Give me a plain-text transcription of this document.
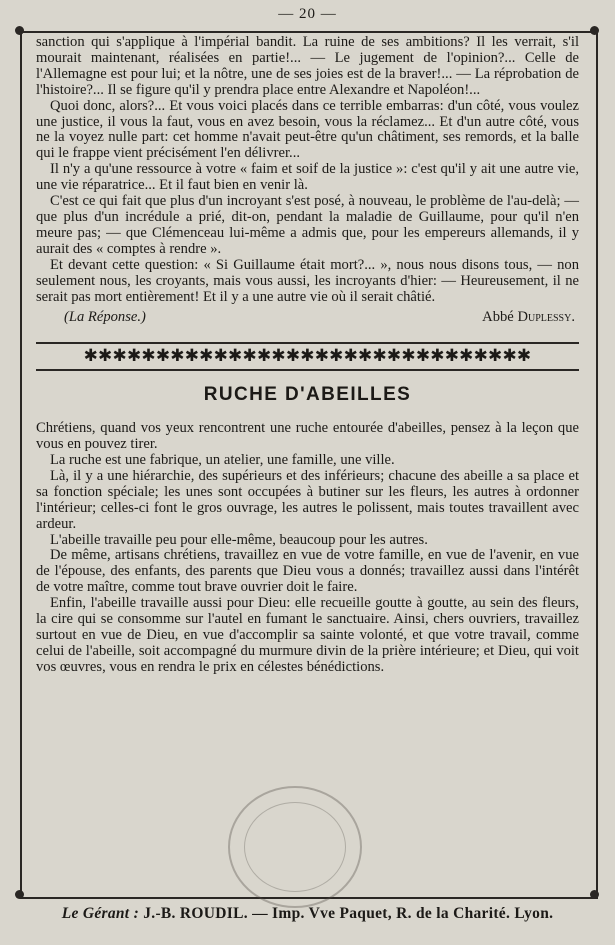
— 20 —

sanction qui s'applique à l'impérial bandit. La ruine de ses ambitions? Il les verrait, s'il mourait maintenant, réalisées en partie!... — Le jugement de l'opinion?... Celle de l'Allemagne est pour lui; et la nôtre, une de ses joies est de la braver!... — La réprobation de l'histoire?... Il se figure qu'il y prendra place entre Alexandre et Napoléon!...

Quoi donc, alors?... Et vous voici placés dans ce terrible embarras: d'un côté, vous voulez une justice, il vous la faut, vous en avez besoin, vous la réclamez... Et d'un autre côté, vous ne la voyez nulle part: cet homme n'avait peut-être qu'un châtiment, ses remords, et la balle qui le frappe vient précisément l'en délivrer...

Il n'y a qu'une ressource à votre « faim et soif de la justice »: c'est qu'il y ait une autre vie, une vie réparatrice... Et il faut bien en venir là.

C'est ce qui fait que plus d'un incroyant s'est posé, à nouveau, le problème de l'au-delà; — que plus d'un incrédule a prié, dit-on, pendant la maladie de Guillaume, pour qu'il n'en meure pas; — que Clémenceau lui-même a admis que, pour les empereurs allemands, il y aurait des « comptes à rendre ».

Et devant cette question: « Si Guillaume était mort?... », nous nous disons tous, — non seulement nous, les croyants, mais vous aussi, les incroyants d'hier: — Heureusement, il ne serait pas mort entièrement! Et il y a une autre vie où il serait châtié.

(La Réponse.)	Abbé Duplessy.
✱✱✱✱✱✱✱✱✱✱✱✱✱✱✱✱✱✱✱✱✱✱✱✱✱✱✱✱✱✱✱
RUCHE D'ABEILLES

Chrétiens, quand vos yeux rencontrent une ruche entourée d'abeilles, pensez à la leçon que vous en pouvez tirer.

La ruche est une fabrique, un atelier, une famille, une ville.

Là, il y a une hiérarchie, des supérieurs et des inférieurs; chacune des abeille a sa place et sa fonction spéciale; les unes sont occupées à butiner sur les fleurs, les autres à ordonner l'intérieur; celles-ci font le gros ouvrage, les autres le polissent, mais toutes travaillent avec ardeur.

L'abeille travaille peu pour elle-même, beaucoup pour les autres.

De même, artisans chrétiens, travaillez en vue de votre famille, en vue de l'avenir, en vue de l'épouse, des enfants, des parents que Dieu vous a donnés; travaillez aussi dans l'intérêt de votre maître, comme tout brave ouvrier doit le faire.

Enfin, l'abeille travaille aussi pour Dieu: elle recueille goutte à goutte, au sein des fleurs, la cire qui se consomme sur l'autel en fumant le sanctuaire. Ainsi, chers ouvriers, travaillez surtout en vue de Dieu, en vue d'accomplir sa sainte volonté, et que votre travail, comme celui de l'abeille, soit accompagné du murmure divin de la prière intérieure; et Dieu, qui voit vos œuvres, vous en rendra le prix en célestes bénédictions.

Le Gérant : J.-B. ROUDIL. — Imp. Vve Paquet, R. de la Charité. Lyon.
